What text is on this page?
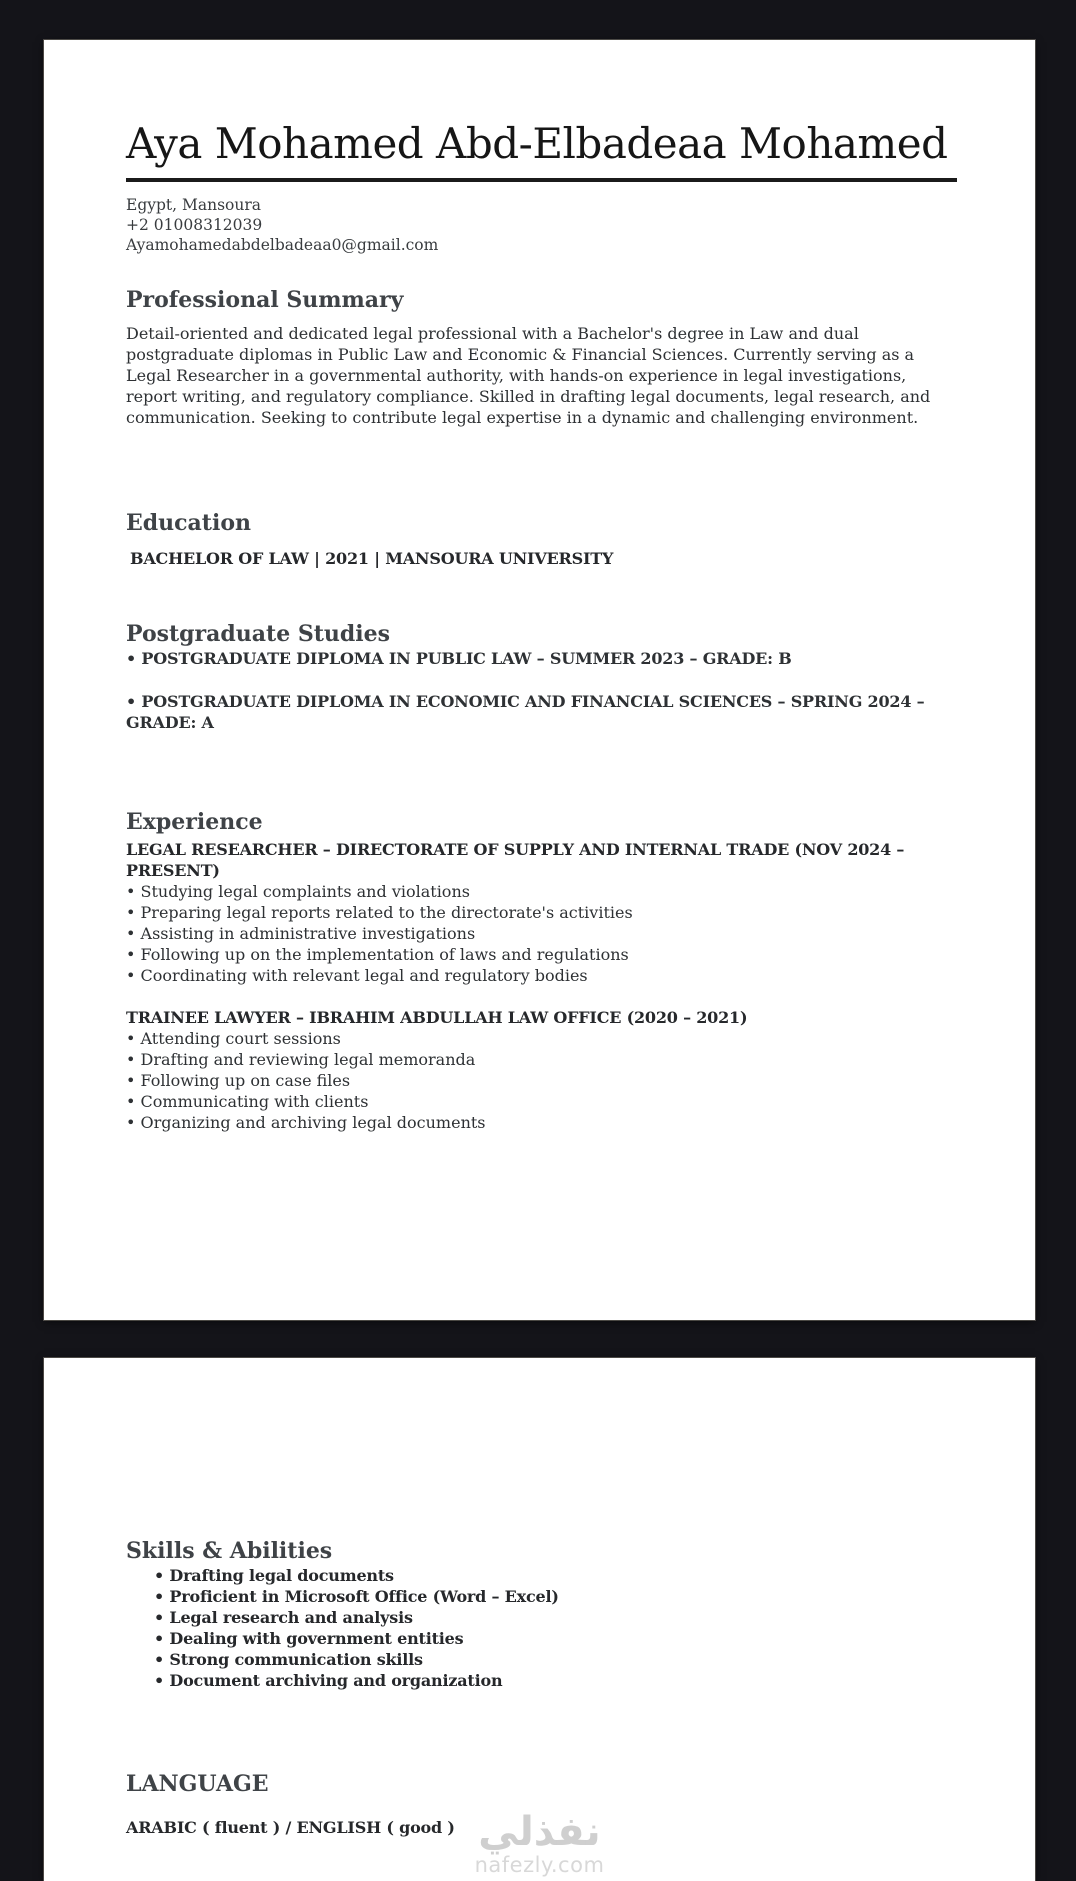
Aya Mohamed Abd-Elbadeaa Mohamed

Egypt, Mansoura

+2 01008312039

Ayamohamedabdelbadeaa0@gmail.com

Professional Summary

Detail-oriented and dedicated legal professional with a Bachelor's degree in Law and dual postgraduate diplomas in Public Law and Economic & Financial Sciences. Currently serving as a Legal Researcher in a governmental authority, with hands-on experience in legal investigations, report writing, and regulatory compliance. Skilled in drafting legal documents, legal research, and communication. Seeking to contribute legal expertise in a dynamic and challenging environment.

Education

BACHELOR OF LAW | 2021 | MANSOURA UNIVERSITY

Postgraduate Studies
• POSTGRADUATE DIPLOMA IN PUBLIC LAW – SUMMER 2023 – GRADE: B
• POSTGRADUATE DIPLOMA IN ECONOMIC AND FINANCIAL SCIENCES – SPRING 2024 – GRADE: A
Experience

LEGAL RESEARCHER – DIRECTORATE OF SUPPLY AND INTERNAL TRADE (NOV 2024 – PRESENT)

• Studying legal complaints and violations
• Preparing legal reports related to the directorate's activities
• Assisting in administrative investigations
• Following up on the implementation of laws and regulations
• Coordinating with relevant legal and regulatory bodies

TRAINEE LAWYER – IBRAHIM ABDULLAH LAW OFFICE (2020 – 2021)

• Attending court sessions
• Drafting and reviewing legal memoranda
• Following up on case files
• Communicating with clients
• Organizing and archiving legal documents
Skills & Abilities
• Drafting legal documents
• Proficient in Microsoft Office (Word – Excel)
• Legal research and analysis
• Dealing with government entities
• Strong communication skills
• Document archiving and organization
LANGUAGE

ARABIC ( fluent ) / ENGLISH ( good ) نفذلي
nafezly.com
